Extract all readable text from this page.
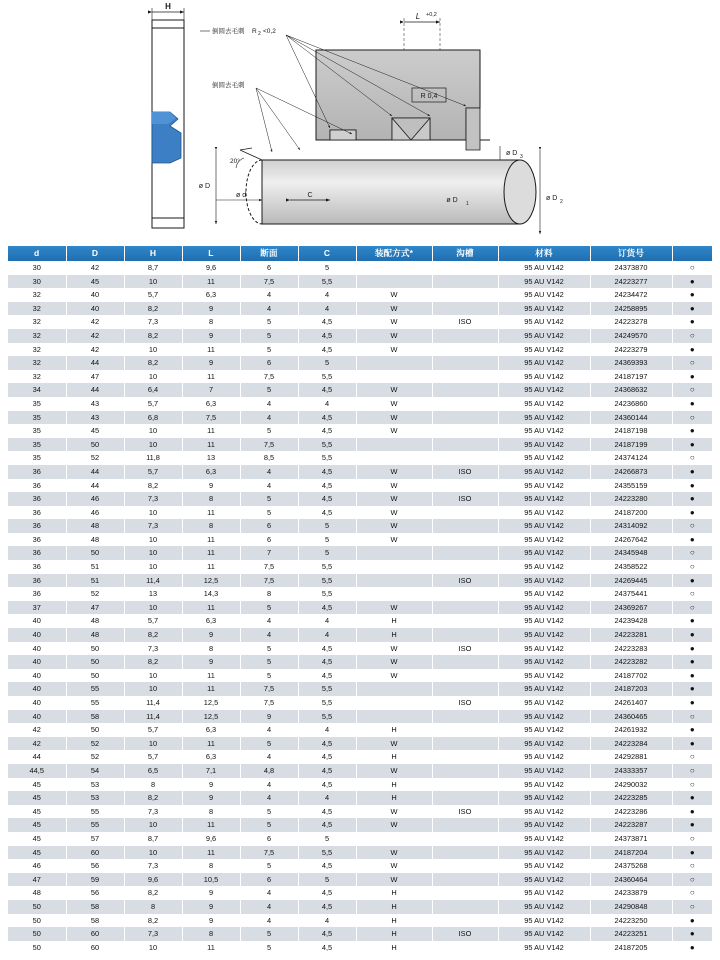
H
L +0,2
R 0,4
倒圆去毛刺 R 2 <0,2
倒圆去毛刺
20°
C
ø d
ø D
ø D 1
ø D 2
ø D 3
d	D	H	L	断面	C	装配方式*	沟槽	材料	订货号	
30	42	8,7	9,6	6	5			95 AU V142	24373870	○
30	45	10	11	7,5	5,5			95 AU V142	24223277	●
32	40	5,7	6,3	4	4	W		95 AU V142	24234472	●
32	40	8,2	9	4	4	W		95 AU V142	24258895	●
32	42	7,3	8	5	4,5	W	ISO	95 AU V142	24223278	●
32	42	8,2	9	5	4,5	W		95 AU V142	24249570	○
32	42	10	11	5	4,5	W		95 AU V142	24223279	●
32	44	8,2	9	6	5			95 AU V142	24369393	○
32	47	10	11	7,5	5,5			95 AU V142	24187197	●
34	44	6,4	7	5	4,5	W		95 AU V142	24368632	○
35	43	5,7	6,3	4	4	W		95 AU V142	24236860	●
35	43	6,8	7,5	4	4,5	W		95 AU V142	24360144	○
35	45	10	11	5	4,5	W		95 AU V142	24187198	●
35	50	10	11	7,5	5,5			95 AU V142	24187199	●
35	52	11,8	13	8,5	5,5			95 AU V142	24374124	○
36	44	5,7	6,3	4	4,5	W	ISO	95 AU V142	24266873	●
36	44	8,2	9	4	4,5	W		95 AU V142	24355159	●
36	46	7,3	8	5	4,5	W	ISO	95 AU V142	24223280	●
36	46	10	11	5	4,5	W		95 AU V142	24187200	●
36	48	7,3	8	6	5	W		95 AU V142	24314092	○
36	48	10	11	6	5	W		95 AU V142	24267642	●
36	50	10	11	7	5			95 AU V142	24345948	○
36	51	10	11	7,5	5,5			95 AU V142	24358522	○
36	51	11,4	12,5	7,5	5,5		ISO	95 AU V142	24269445	●
36	52	13	14,3	8	5,5			95 AU V142	24375441	○
37	47	10	11	5	4,5	W		95 AU V142	24369267	○
40	48	5,7	6,3	4	4	H		95 AU V142	24239428	●
40	48	8,2	9	4	4	H		95 AU V142	24223281	●
40	50	7,3	8	5	4,5	W	ISO	95 AU V142	24223283	●
40	50	8,2	9	5	4,5	W		95 AU V142	24223282	●
40	50	10	11	5	4,5	W		95 AU V142	24187702	●
40	55	10	11	7,5	5,5			95 AU V142	24187203	●
40	55	11,4	12,5	7,5	5,5		ISO	95 AU V142	24261407	●
40	58	11,4	12,5	9	5,5			95 AU V142	24360465	○
42	50	5,7	6,3	4	4	H		95 AU V142	24261932	●
42	52	10	11	5	4,5	W		95 AU V142	24223284	●
44	52	5,7	6,3	4	4,5	H		95 AU V142	24292881	○
44,5	54	6,5	7,1	4,8	4,5	W		95 AU V142	24333357	○
45	53	8	9	4	4,5	H		95 AU V142	24290032	○
45	53	8,2	9	4	4	H		95 AU V142	24223285	●
45	55	7,3	8	5	4,5	W	ISO	95 AU V142	24223286	●
45	55	10	11	5	4,5	W		95 AU V142	24223287	●
45	57	8,7	9,6	6	5			95 AU V142	24373871	○
45	60	10	11	7,5	5,5	W		95 AU V142	24187204	●
46	56	7,3	8	5	4,5	W		95 AU V142	24375268	○
47	59	9,6	10,5	6	5	W		95 AU V142	24360464	○
48	56	8,2	9	4	4,5	H		95 AU V142	24233879	○
50	58	8	9	4	4,5	H		95 AU V142	24290848	○
50	58	8,2	9	4	4	H		95 AU V142	24223250	●
50	60	7,3	8	5	4,5	H	ISO	95 AU V142	24223251	●
50	60	10	11	5	4,5	H		95 AU V142	24187205	●
